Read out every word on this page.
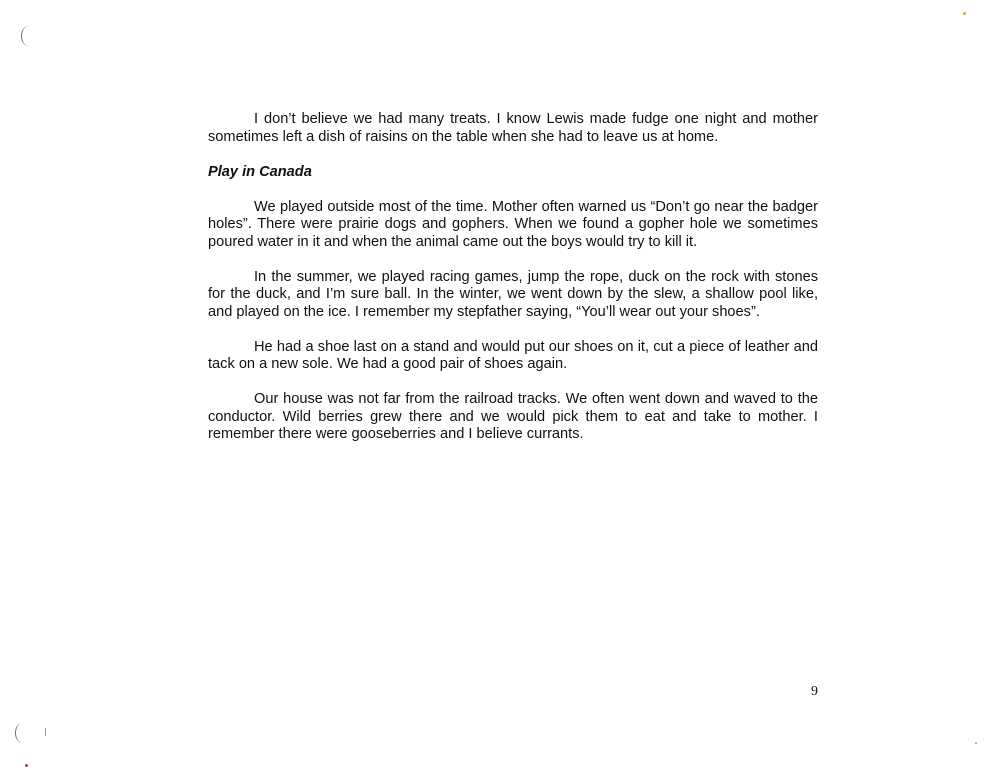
I don’t believe we had many treats. I know Lewis made fudge one night and mother sometimes left a dish of raisins on the table when she had to leave us at home.

Play in Canada

We played outside most of the time. Mother often warned us “Don’t go near the badger holes”. There were prairie dogs and gophers. When we found a gopher hole we sometimes poured water in it and when the animal came out the boys would try to kill it.

In the summer, we played racing games, jump the rope, duck on the rock with stones for the duck, and I’m sure ball. In the winter, we went down by the slew, a shallow pool like, and played on the ice. I remember my stepfather saying, “You’ll wear out your shoes”.

He had a shoe last on a stand and would put our shoes on it, cut a piece of leather and tack on a new sole. We had a good pair of shoes again.

Our house was not far from the railroad tracks. We often went down and waved to the conductor. Wild berries grew there and we would pick them to eat and take to mother. I remember there were gooseberries and I believe currants.

9
